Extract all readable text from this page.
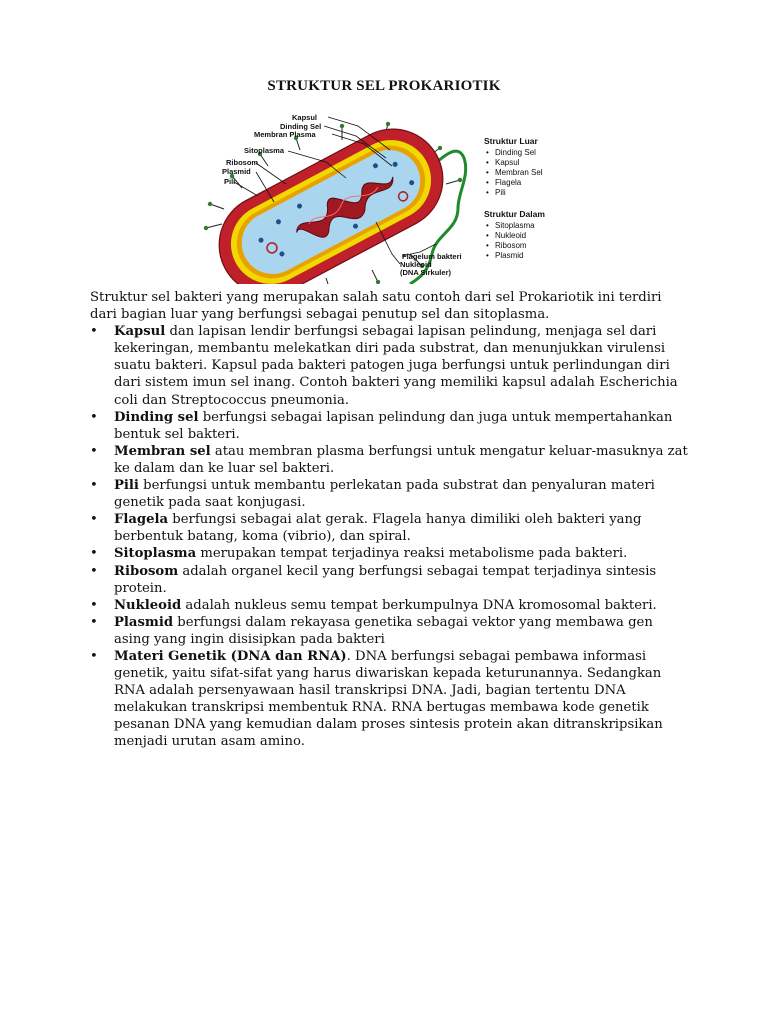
STRUKTUR SEL PROKARIOTIK
Kapsul
Dinding Sel
Membran Plasma
Sitoplasma
Ribosom
Plasmid
Pili
Flagelum bakteri
Nukleoid
(DNA Sirkuler)
Struktur Luar
• Dinding Sel
• Kapsul
• Membran Sel
• Flagela
• Pili
Struktur Dalam
• Sitoplasma
• Nukleoid
• Ribosom
• Plasmid

Struktur sel bakteri yang merupakan salah satu contoh dari sel Prokariotik ini terdiri dari bagian luar yang berfungsi sebagai penutup sel dan sitoplasma.

• Kapsul dan lapisan lendir berfungsi sebagai lapisan pelindung, menjaga sel dari kekeringan, membantu melekatkan diri pada substrat, dan menunjukkan virulensi suatu bakteri. Kapsul pada bakteri patogen juga berfungsi untuk perlindungan diri dari sistem imun sel inang. Contoh bakteri yang memiliki kapsul adalah Escherichia coli dan Streptococcus pneumonia.
• Dinding sel berfungsi sebagai lapisan pelindung dan juga untuk mempertahankan bentuk sel bakteri.
• Membran sel atau membran plasma berfungsi untuk mengatur keluar-masuknya zat ke dalam dan ke luar sel bakteri.
• Pili berfungsi untuk membantu perlekatan pada substrat dan penyaluran materi genetik pada saat konjugasi.
• Flagela berfungsi sebagai alat gerak. Flagela hanya dimiliki oleh bakteri yang berbentuk batang, koma (vibrio), dan spiral.
• Sitoplasma merupakan tempat terjadinya reaksi metabolisme pada bakteri.
• Ribosom adalah organel kecil yang berfungsi sebagai tempat terjadinya sintesis protein.
• Nukleoid adalah nukleus semu tempat berkumpulnya DNA kromosomal bakteri.
• Plasmid berfungsi dalam rekayasa genetika sebagai vektor yang membawa gen asing yang ingin disisipkan pada bakteri
• Materi Genetik (DNA dan RNA). DNA berfungsi sebagai pembawa informasi genetik, yaitu sifat-sifat yang harus diwariskan kepada keturunannya. Sedangkan RNA adalah persenyawaan hasil transkripsi DNA. Jadi, bagian tertentu DNA melakukan transkripsi membentuk RNA. RNA bertugas membawa kode genetik pesanan DNA yang kemudian dalam proses sintesis protein akan ditranskripsikan menjadi urutan asam amino.
